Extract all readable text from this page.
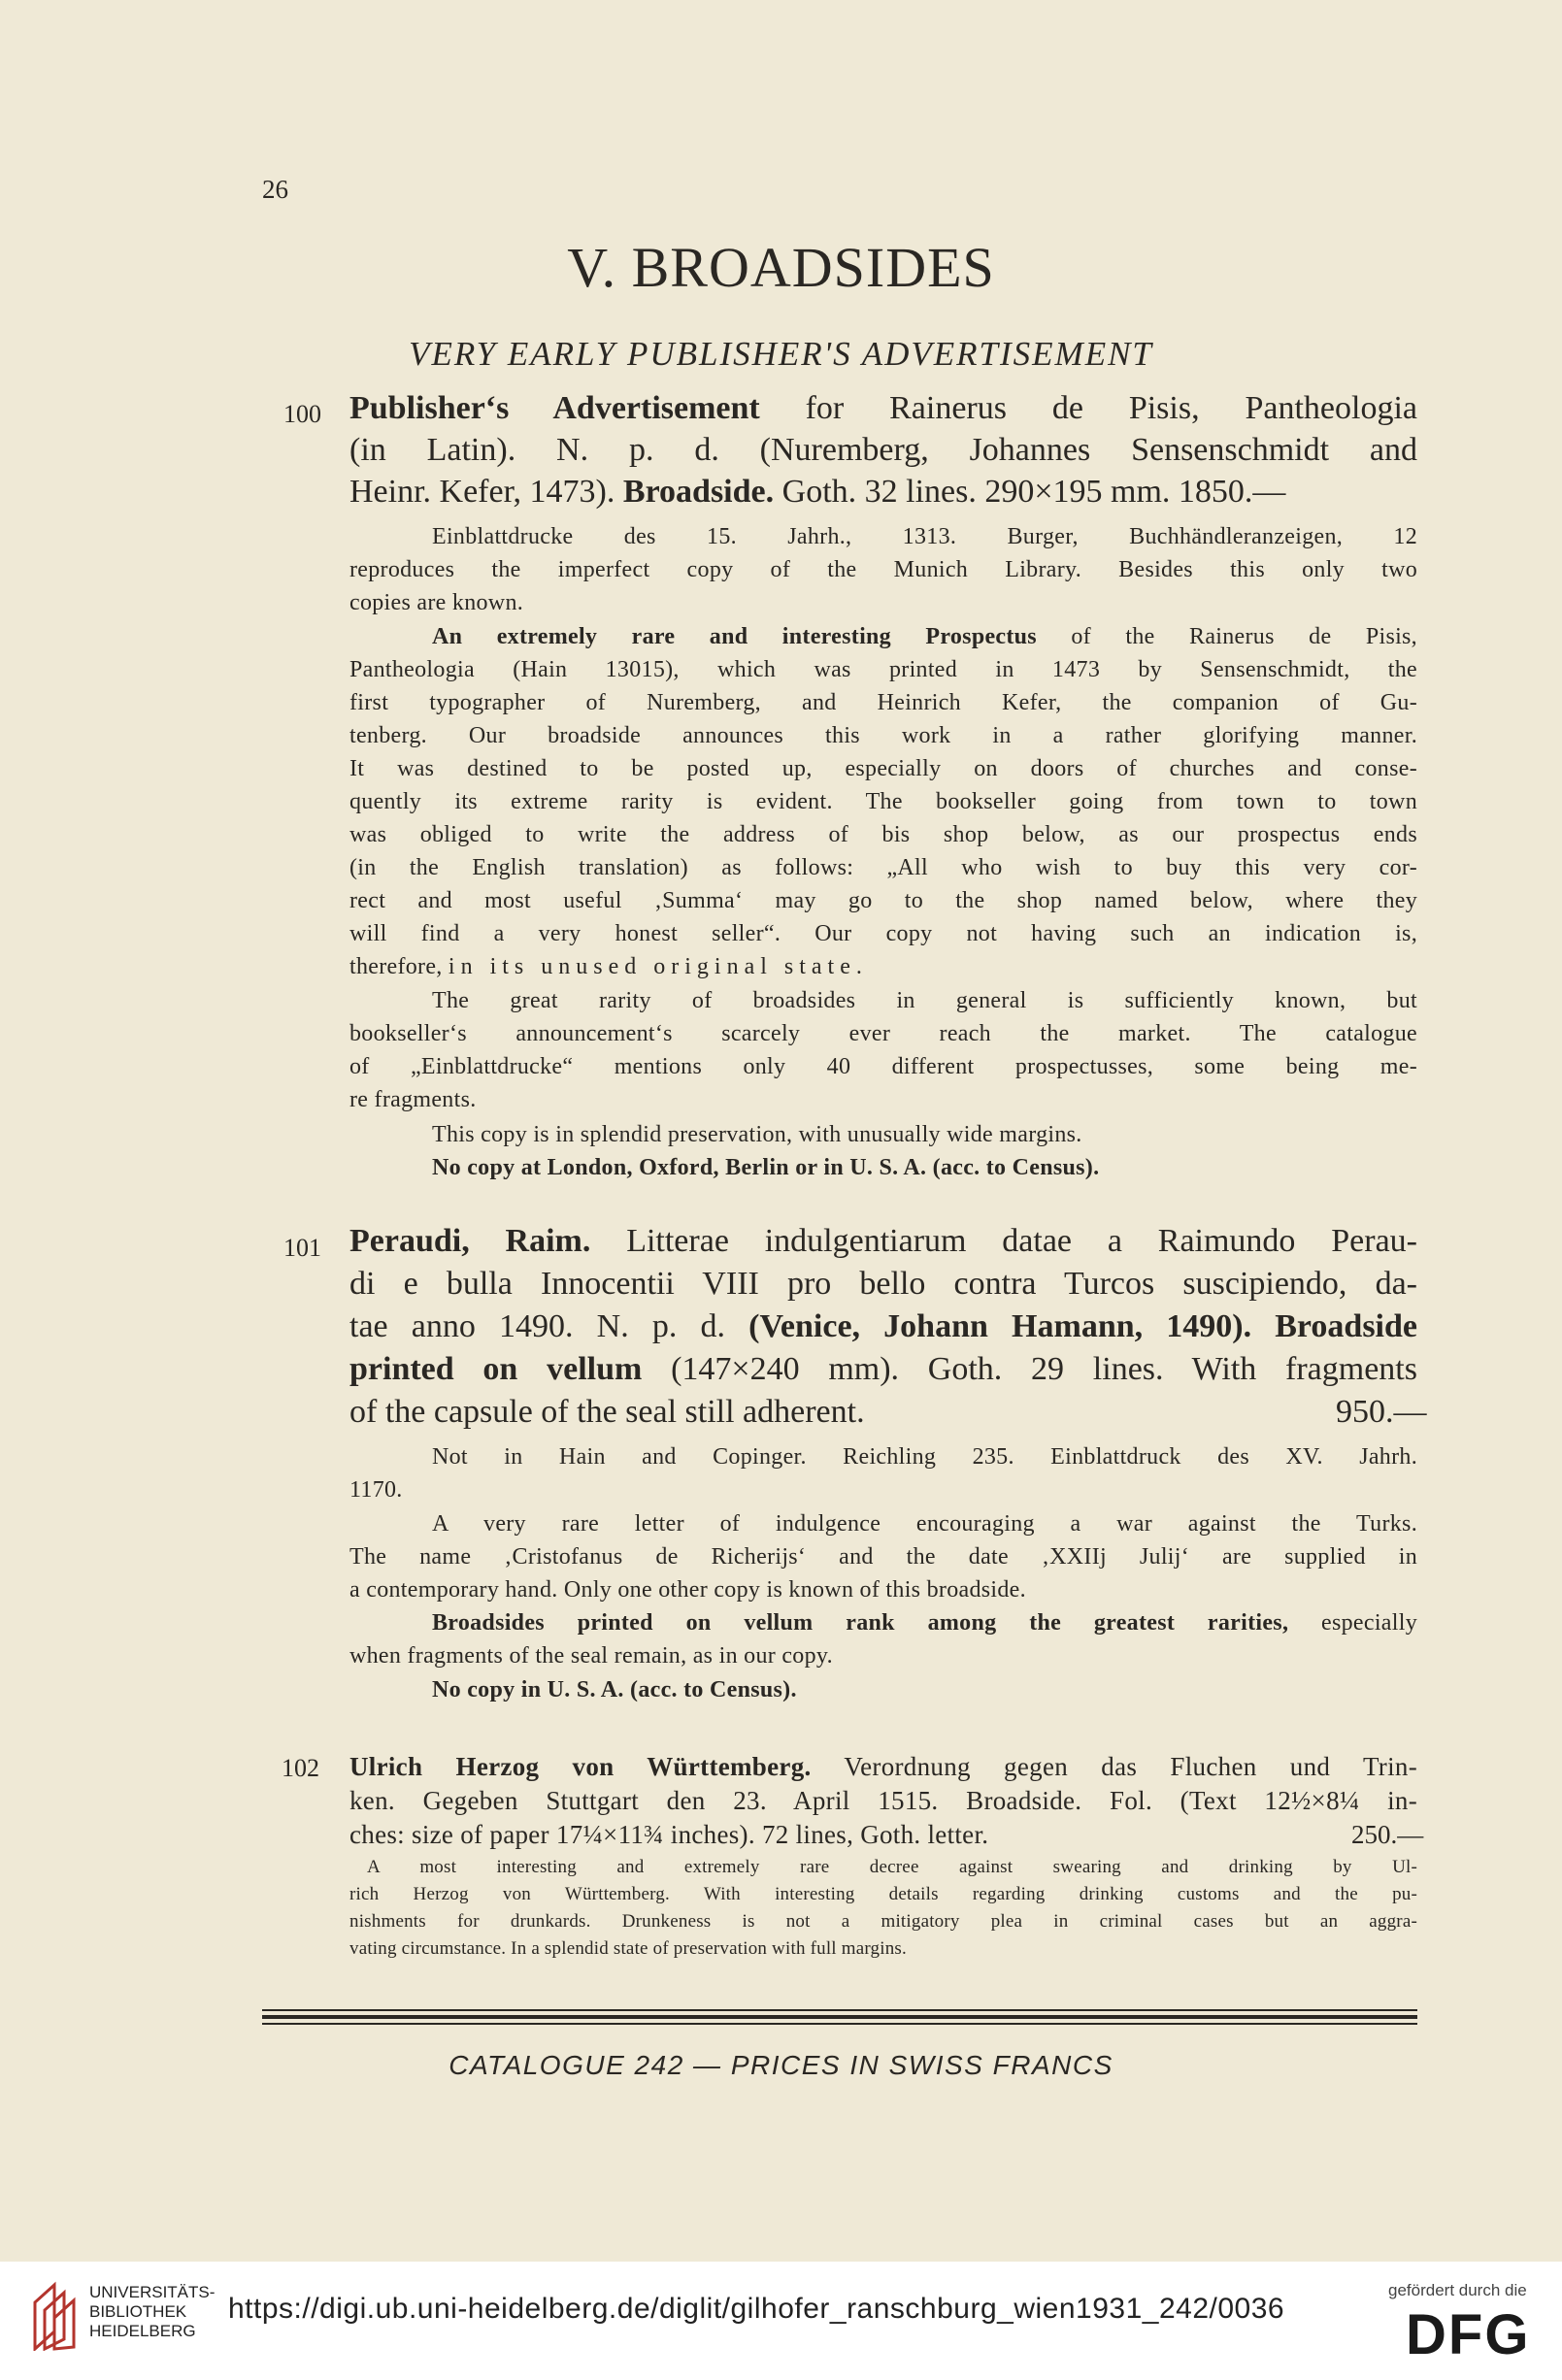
26
V. BROADSIDES
VERY EARLY PUBLISHER'S ADVERTISEMENT
100 Publisher‘s Advertisement for Rainerus de Pisis, Pantheologia
(in Latin). N. p. d. (Nuremberg, Johannes Sensenschmidt and
Heinr. Kefer, 1473). Broadside. Goth. 32 lines. 290×195 mm. 1850.—
Einblattdrucke des 15. Jahrh., 1313. Burger, Buchhändleranzeigen, 12
reproduces the imperfect copy of the Munich Library. Besides this only two
copies are known.
An extremely rare and interesting Prospectus of the Rainerus de Pisis,
Pantheologia (Hain 13015), which was printed in 1473 by Sensenschmidt, the
first typographer of Nuremberg, and Heinrich Kefer, the companion of Gu-
tenberg. Our broadside announces this work in a rather glorifying manner.
It was destined to be posted up, especially on doors of churches and conse-
quently its extreme rarity is evident. The bookseller going from town to town
was obliged to write the address of bis shop below, as our prospectus ends
(in the English translation) as follows: „All who wish to buy this very cor-
rect and most useful ‚Summa‘ may go to the shop named below, where they
will find a very honest seller“. Our copy not having such an indication is,
therefore, in its unused original state.
The great rarity of broadsides in general is sufficiently known, but
bookseller‘s announcement‘s scarcely ever reach the market. The catalogue
of „Einblattdrucke“ mentions only 40 different prospectusses, some being me-
re fragments.
This copy is in splendid preservation, with unusually wide margins.
No copy at London, Oxford, Berlin or in U. S. A. (acc. to Census).
101 Peraudi, Raim. Litterae indulgentiarum datae a Raimundo Perau-
di e bulla Innocentii VIII pro bello contra Turcos suscipiendo, da-
tae anno 1490. N. p. d. (Venice, Johann Hamann, 1490). Broadside
printed on vellum (147×240 mm). Goth. 29 lines. With fragments
of the capsule of the seal still adherent.	950.—
Not in Hain and Copinger. Reichling 235. Einblattdruck des XV. Jahrh.
1170.
A very rare letter of indulgence encouraging a war against the Turks.
The name ‚Cristofanus de Richerijs‘ and the date ‚XXIIj Julij‘ are supplied in
a contemporary hand. Only one other copy is known of this broadside.
Broadsides printed on vellum rank among the greatest rarities, especially
when fragments of the seal remain, as in our copy.
No copy in U. S. A. (acc. to Census).
102 Ulrich Herzog von Württemberg. Verordnung gegen das Fluchen und Trin-
ken. Gegeben Stuttgart den 23. April 1515. Broadside. Fol. (Text 12½×8¼ in-
ches: size of paper 17¼×11¾ inches). 72 lines, Goth. letter.	250.—
A most interesting and extremely rare decree against swearing and drinking by Ul-
rich Herzog von Württemberg. With interesting details regarding drinking customs and the pu-
nishments for drunkards. Drunkeness is not a mitigatory plea in criminal cases but an aggra-
vating circumstance. In a splendid state of preservation with full margins.
CATALOGUE 242 — PRICES IN SWISS FRANCS
UNIVERSITÄTS-
BIBLIOTHEK
HEIDELBERG
https://digi.ub.uni-heidelberg.de/diglit/gilhofer_ranschburg_wien1931_242/0036
gefördert durch die
DFG
